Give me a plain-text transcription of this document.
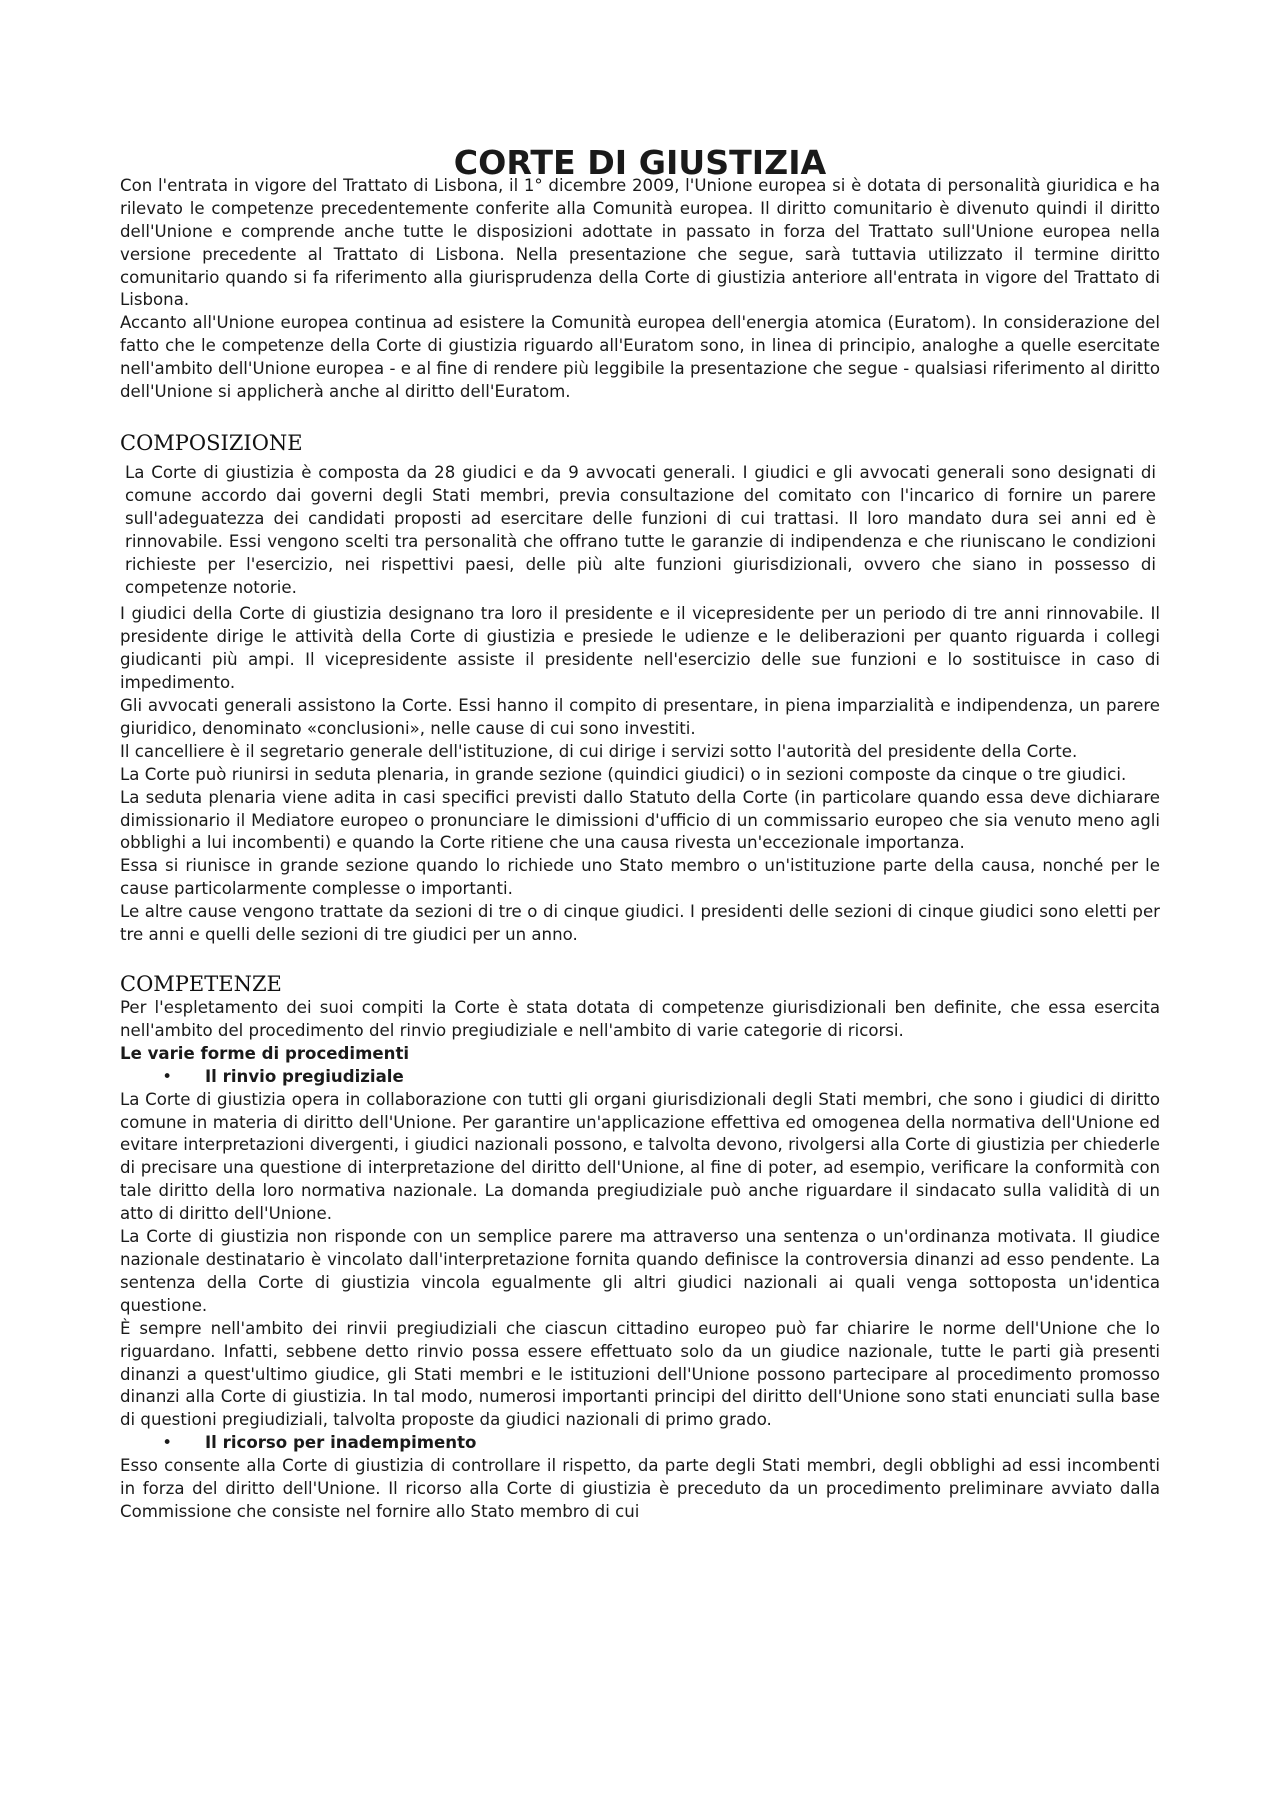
CORTE DI GIUSTIZIA

Con l'entrata in vigore del Trattato di Lisbona, il 1° dicembre 2009, l'Unione europea si è dotata di personalità giuridica e ha rilevato le competenze precedentemente conferite alla Comunità europea. Il diritto comunitario è divenuto quindi il diritto dell'Unione e comprende anche tutte le disposizioni adottate in passato in forza del Trattato sull'Unione europea nella versione precedente al Trattato di Lisbona. Nella presentazione che segue, sarà tuttavia utilizzato il termine diritto comunitario quando si fa riferimento alla giurisprudenza della Corte di giustizia anteriore all'entrata in vigore del Trattato di Lisbona.

Accanto all'Unione europea continua ad esistere la Comunità europea dell'energia atomica (Euratom). In considerazione del fatto che le competenze della Corte di giustizia riguardo all'Euratom sono, in linea di principio, analoghe a quelle esercitate nell'ambito dell'Unione europea - e al fine di rendere più leggibile la presentazione che segue - qualsiasi riferimento al diritto dell'Unione si applicherà anche al diritto dell'Euratom.

COMPOSIZIONE

La Corte di giustizia è composta da 28 giudici e da 9 avvocati generali. I giudici e gli avvocati generali sono designati di comune accordo dai governi degli Stati membri, previa consultazione del comitato con l'incarico di fornire un parere sull'adeguatezza dei candidati proposti ad esercitare delle funzioni di cui trattasi. Il loro mandato dura sei anni ed è rinnovabile. Essi vengono scelti tra personalità che offrano tutte le garanzie di indipendenza e che riuniscano le condizioni richieste per l'esercizio, nei rispettivi paesi, delle più alte funzioni giurisdizionali, ovvero che siano in possesso di competenze notorie.

I giudici della Corte di giustizia designano tra loro il presidente e il vicepresidente per un periodo di tre anni rinnovabile. Il presidente dirige le attività della Corte di giustizia e presiede le udienze e le deliberazioni per quanto riguarda i collegi giudicanti più ampi. Il vicepresidente assiste il presidente nell'esercizio delle sue funzioni e lo sostituisce in caso di impedimento.

Gli avvocati generali assistono la Corte. Essi hanno il compito di presentare, in piena imparzialità e indipendenza, un parere giuridico, denominato «conclusioni», nelle cause di cui sono investiti.

Il cancelliere è il segretario generale dell'istituzione, di cui dirige i servizi sotto l'autorità del presidente della Corte.

La Corte può riunirsi in seduta plenaria, in grande sezione (quindici giudici) o in sezioni composte da cinque o tre giudici.

La seduta plenaria viene adita in casi specifici previsti dallo Statuto della Corte (in particolare quando essa deve dichiarare dimissionario il Mediatore europeo o pronunciare le dimissioni d'ufficio di un commissario europeo che sia venuto meno agli obblighi a lui incombenti) e quando la Corte ritiene che una causa rivesta un'eccezionale importanza.

Essa si riunisce in grande sezione quando lo richiede uno Stato membro o un'istituzione parte della causa, nonché per le cause particolarmente complesse o importanti.

Le altre cause vengono trattate da sezioni di tre o di cinque giudici. I presidenti delle sezioni di cinque giudici sono eletti per tre anni e quelli delle sezioni di tre giudici per un anno.

COMPETENZE

Per l'espletamento dei suoi compiti la Corte è stata dotata di competenze giurisdizionali ben definite, che essa esercita nell'ambito del procedimento del rinvio pregiudiziale e nell'ambito di varie categorie di ricorsi.

Le varie forme di procedimenti
•	Il rinvio pregiudiziale

La Corte di giustizia opera in collaborazione con tutti gli organi giurisdizionali degli Stati membri, che sono i giudici di diritto comune in materia di diritto dell'Unione. Per garantire un'applicazione effettiva ed omogenea della normativa dell'Unione ed evitare interpretazioni divergenti, i giudici nazionali possono, e talvolta devono, rivolgersi alla Corte di giustizia per chiederle di precisare una questione di interpretazione del diritto dell'Unione, al fine di poter, ad esempio, verificare la conformità con tale diritto della loro normativa nazionale. La domanda pregiudiziale può anche riguardare il sindacato sulla validità di un atto di diritto dell'Unione.

La Corte di giustizia non risponde con un semplice parere ma attraverso una sentenza o un'ordinanza motivata. Il giudice nazionale destinatario è vincolato dall'interpretazione fornita quando definisce la controversia dinanzi ad esso pendente. La sentenza della Corte di giustizia vincola egualmente gli altri giudici nazionali ai quali venga sottoposta un'identica questione.

È sempre nell'ambito dei rinvii pregiudiziali che ciascun cittadino europeo può far chiarire le norme dell'Unione che lo riguardano. Infatti, sebbene detto rinvio possa essere effettuato solo da un giudice nazionale, tutte le parti già presenti dinanzi a quest'ultimo giudice, gli Stati membri e le istituzioni dell'Unione possono partecipare al procedimento promosso dinanzi alla Corte di giustizia. In tal modo, numerosi importanti principi del diritto dell'Unione sono stati enunciati sulla base di questioni pregiudiziali, talvolta proposte da giudici nazionali di primo grado.

•	Il ricorso per inadempimento

Esso consente alla Corte di giustizia di controllare il rispetto, da parte degli Stati membri, degli obblighi ad essi incombenti in forza del diritto dell'Unione. Il ricorso alla Corte di giustizia è preceduto da un procedimento preliminare avviato dalla Commissione che consiste nel fornire allo Stato membro di cui
